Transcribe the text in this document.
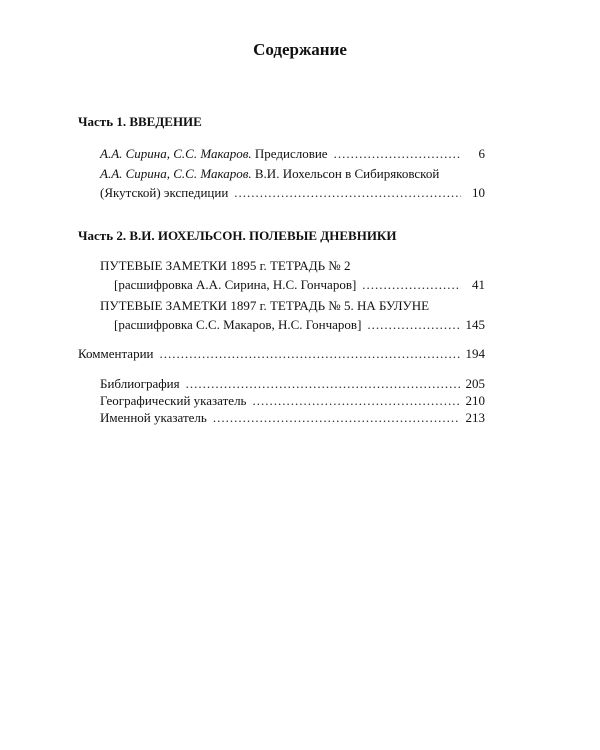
Содержание
Часть 1. ВВЕДЕНИЕ
А.А. Сирина, С.С. Макаров. Предисловие .....	6
А.А. Сирина, С.С. Макаров. В.И. Иохельсон в Сибиряковской
(Якутской) экспедиции .....	10
Часть 2. В.И. ИОХЕЛЬСОН. ПОЛЕВЫЕ ДНЕВНИКИ
ПУТЕВЫЕ ЗАМЕТКИ 1895 г. ТЕТРАДЬ № 2
[расшифровка А.А. Сирина, Н.С. Гончаров] .....	41
ПУТЕВЫЕ ЗАМЕТКИ 1897 г. ТЕТРАДЬ № 5. НА БУЛУНЕ
[расшифровка С.С. Макаров, Н.С. Гончаров] .....	145
Комментарии .....	194
Библиография .....	205
Географический указатель .....	210
Именной указатель .....	213
